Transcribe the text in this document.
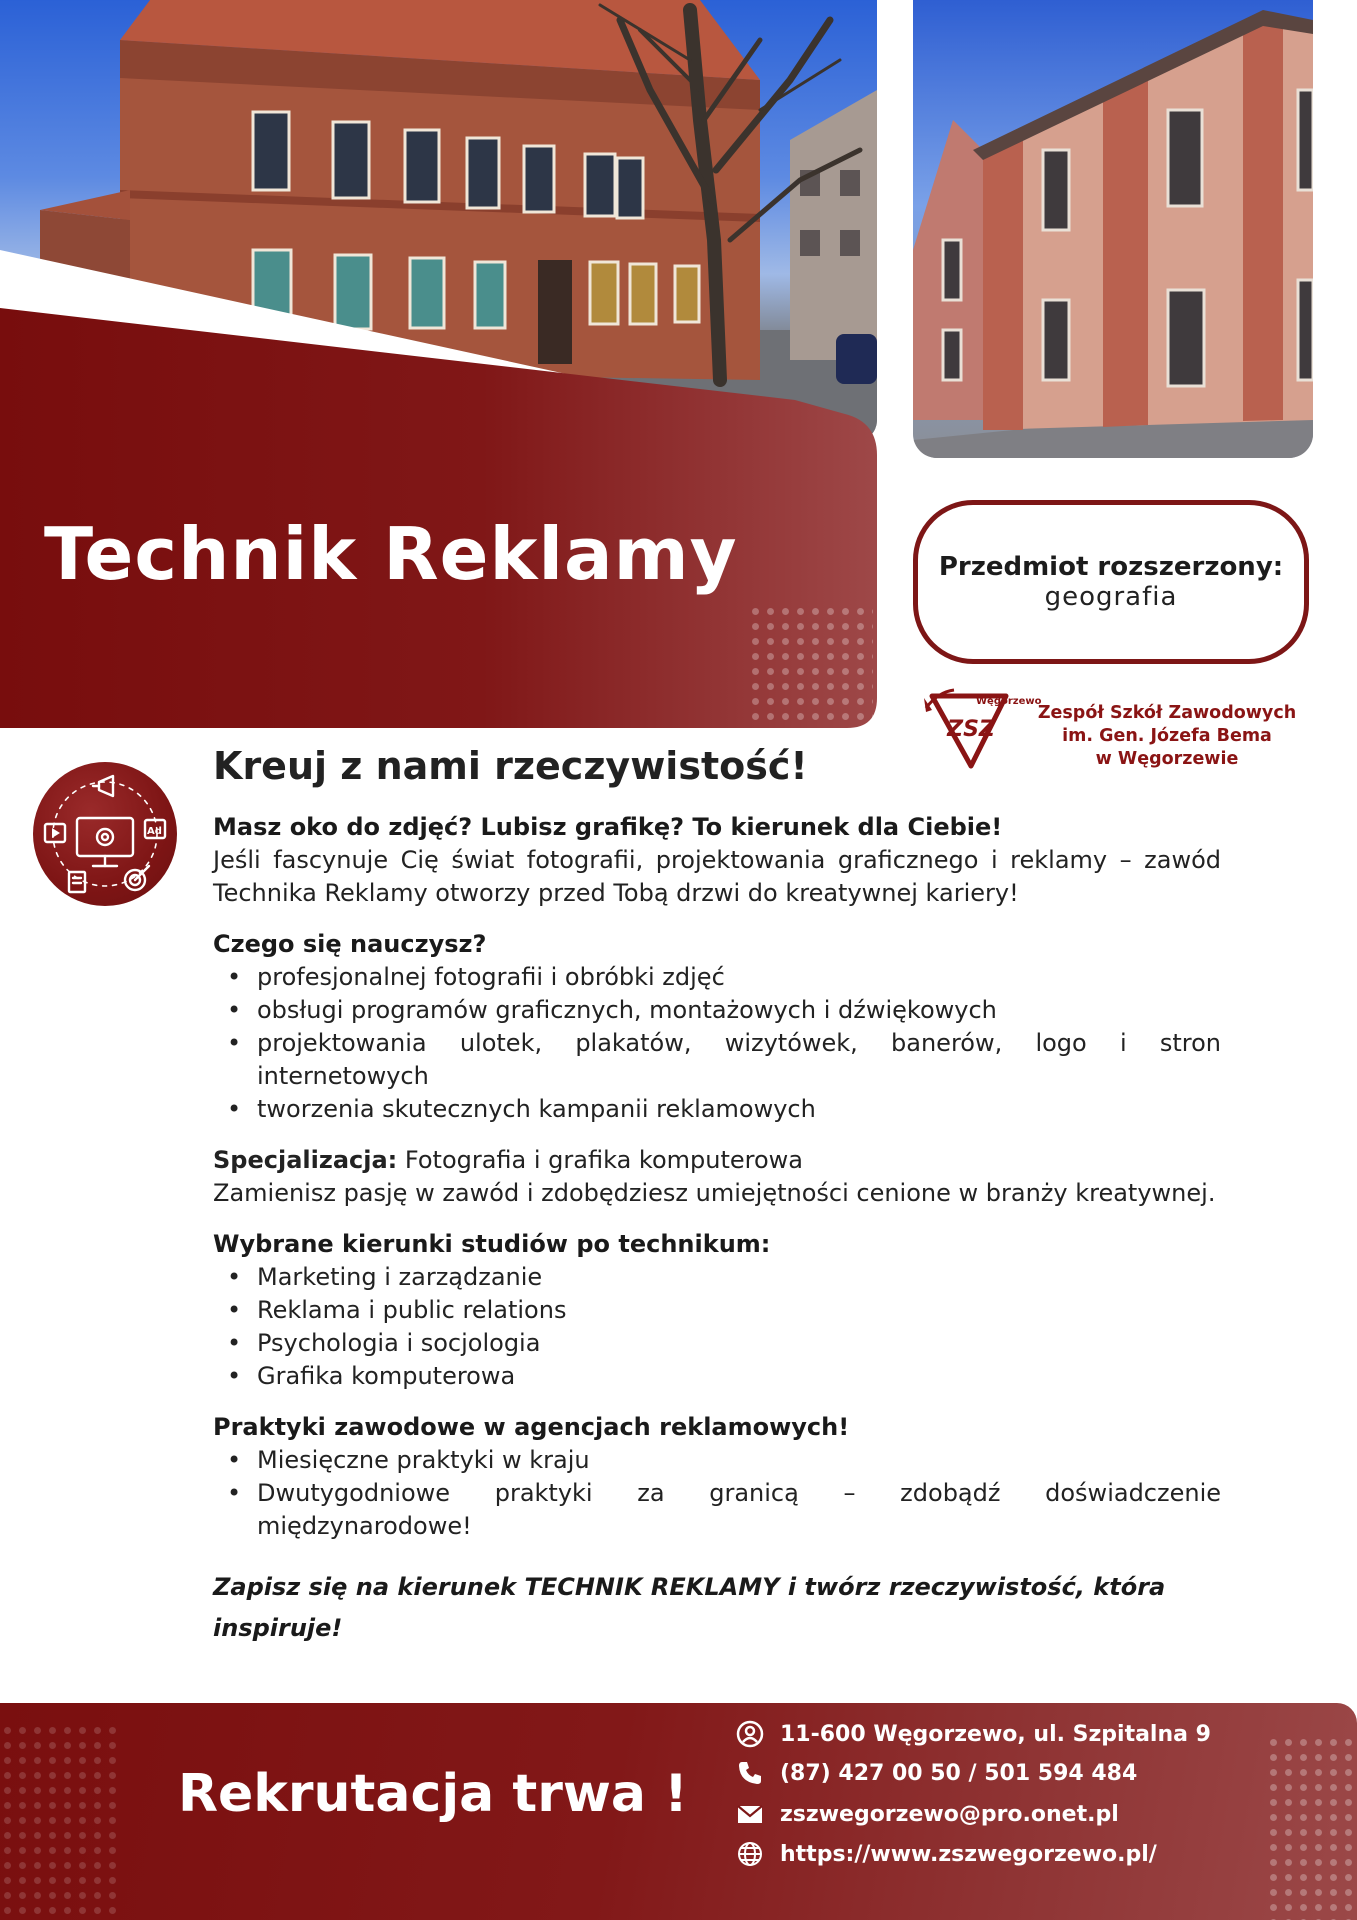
Technik Reklamy	Przedmiot rozszerzony:
geografia
Węgorzewo
ZSZ
Zespół Szkół Zawodowych
im. Gen. Józefa Bema
w Węgorzewie
Ad
Kreuj z nami rzeczywistość!

Masz oko do zdjęć? Lubisz grafikę? To kierunek dla Ciebie!

Jeśli fascynuje Cię świat fotografii, projektowania graficznego i reklamy – zawód Technika Reklamy otworzy przed Tobą drzwi do kreatywnej kariery!

Czego się nauczysz?

• profesjonalnej fotografii i obróbki zdjęć
• obsługi programów graficznych, montażowych i dźwiękowych
• projektowania ulotek, plakatów, wizytówek, banerów, logo i stron internetowych
• tworzenia skutecznych kampanii reklamowych

Specjalizacja: Fotografia i grafika komputerowa

Zamienisz pasję w zawód i zdobędziesz umiejętności cenione w branży kreatywnej.

Wybrane kierunki studiów po technikum:

• Marketing i zarządzanie
• Reklama i public relations
• Psychologia i socjologia
• Grafika komputerowa

Praktyki zawodowe w agencjach reklamowych!

• Miesięczne praktyki w kraju
• Dwutygodniowe praktyki za granicą – zdobądź doświadczenie międzynarodowe!

Zapisz się na kierunek TECHNIK REKLAMY i twórz rzeczywistość, która inspiruje!

Rekrutacja trwa !
11-600 Węgorzewo, ul. Szpitalna 9
(87) 427 00 50 / 501 594 484
zszwegorzewo@pro.onet.pl
https://www.zszwegorzewo.pl/
